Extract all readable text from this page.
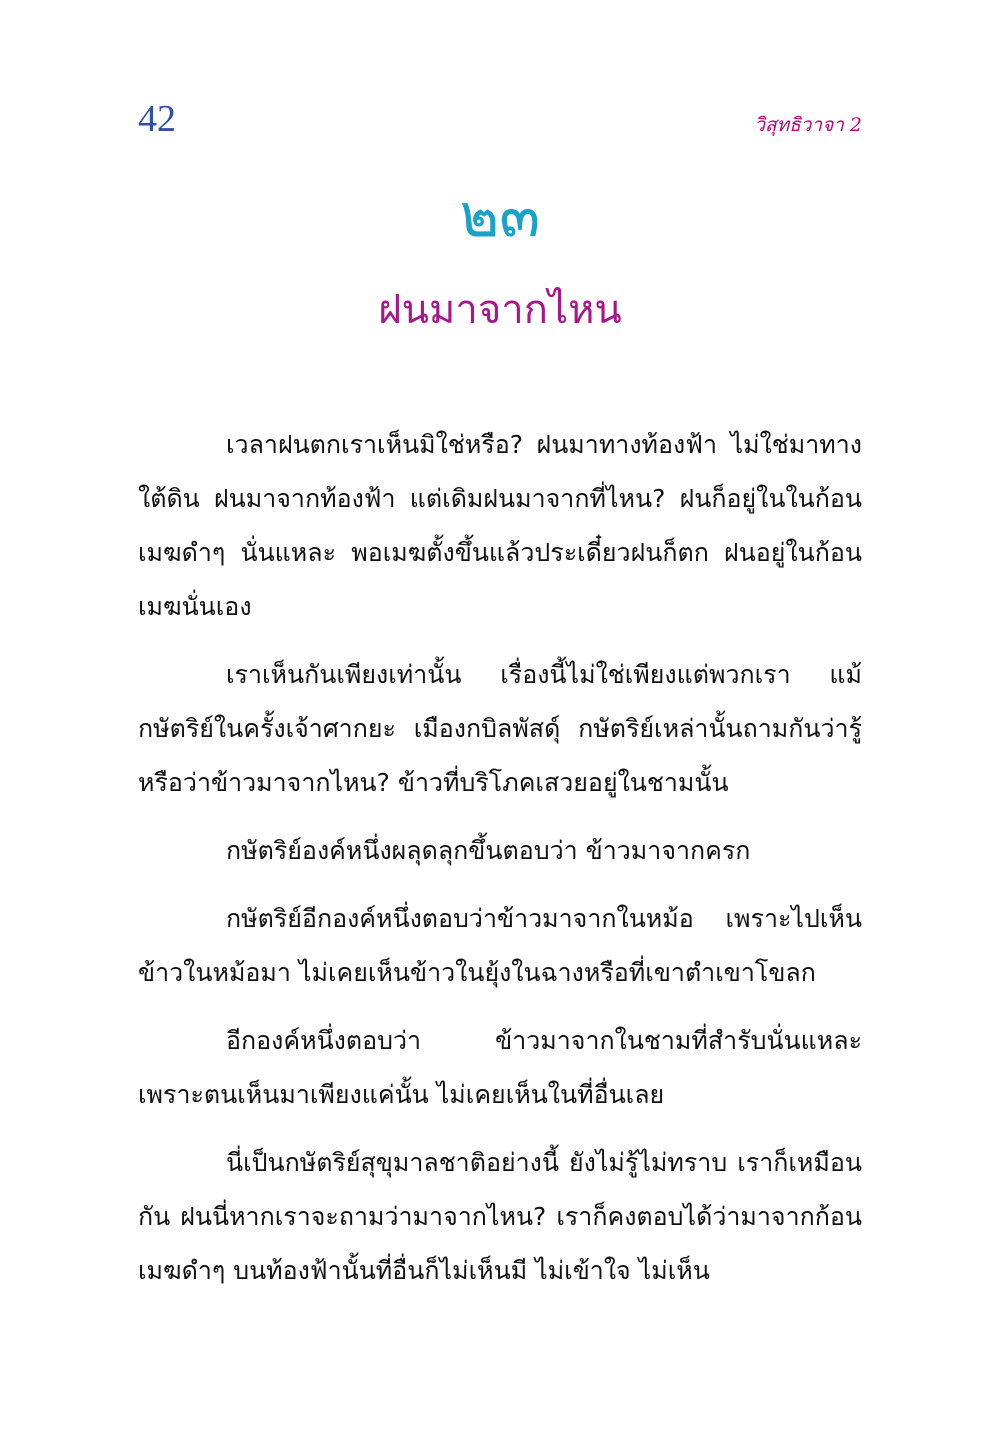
42	วิสุทธิวาจา 2
๒๓
ฝนมาจากไหน

เวลาฝนตกเราเห็นมิใช่หรือ? ฝนมาทางท้องฟ้า ไม่ใช่มาทางใต้ดิน ฝนมาจากท้องฟ้า แต่เดิมฝนมาจากที่ไหน? ฝนก็อยู่ในในก้อนเมฆดำๆ นั่นแหละ พอเมฆตั้งขึ้นแล้วประเดี๋ยวฝนก็ตก ฝนอยู่ในก้อนเมฆนั่นเอง

เราเห็นกันเพียงเท่านั้น เรื่องนี้ไม่ใช่เพียงแต่พวกเรา แม้กษัตริย์ในครั้งเจ้าศากยะ เมืองกบิลพัสดุ์ กษัตริย์เหล่านั้นถามกันว่ารู้หรือว่าข้าวมาจากไหน? ข้าวที่บริโภคเสวยอยู่ในชามนั้น

กษัตริย์องค์หนึ่งผลุดลุกขึ้นตอบว่า ข้าวมาจากครก

กษัตริย์อีกองค์หนึ่งตอบว่าข้าวมาจากในหม้อ เพราะไปเห็นข้าวในหม้อมา ไม่เคยเห็นข้าวในยุ้งในฉางหรือที่เขาตำเขาโขลก

อีกองค์หนึ่งตอบว่า ข้าวมาจากในชามที่สำรับนั่นแหละ เพราะตนเห็นมาเพียงแค่นั้น ไม่เคยเห็นในที่อื่นเลย

นี่เป็นกษัตริย์สุขุมาลชาติอย่างนี้ ยังไม่รู้ไม่ทราบ เราก็เหมือนกัน ฝนนี่หากเราจะถามว่ามาจากไหน? เราก็คงตอบได้ว่ามาจากก้อนเมฆดำๆ บนท้องฟ้านั้นที่อื่นก็ไม่เห็นมี ไม่เข้าใจ ไม่เห็น
